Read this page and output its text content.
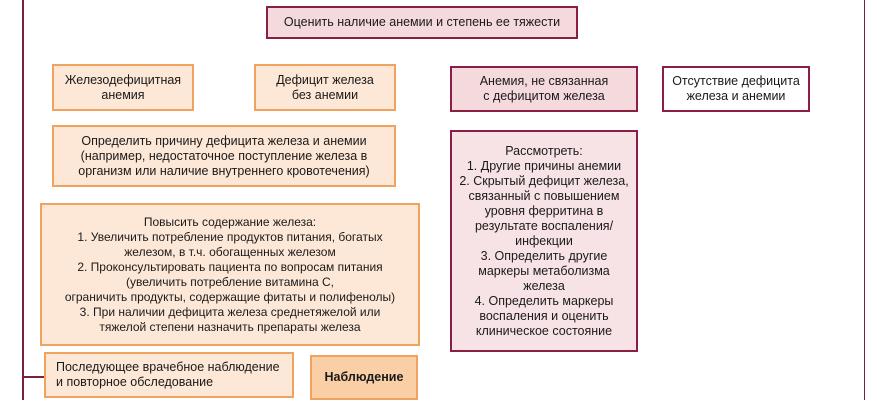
Оценить наличие анемии и степень ее тяжести
Железодефицитная
анемия
Дефицит железа
без анемии
Анемия, не связанная
с дефицитом железа
Отсутствие дефицита
железа и анемии
Определить причину дефицита железа и анемии
(например, недостаточное поступление железа в
организм или наличие внутреннего кровотечения)
Рассмотреть:
1. Другие причины анемии
2. Скрытый дефицит железа,
связанный с повышением
уровня ферритина в
результате воспаления/
инфекции
3. Определить другие
маркеры метаболизма
железа
4. Определить маркеры
воспаления и оценить
клиническое состояние
Повысить содержание железа:
1. Увеличить потребление продуктов питания, богатых
железом, в т.ч. обогащенных железом
2. Проконсультировать пациента по вопросам питания
(увеличить потребление витамина С,
ограничить продукты, содержащие фитаты и полифенолы)
3. При наличии дефицита железа среднетяжелой или
тяжелой степени назначить препараты железа
Последующее врачебное наблюдение
и повторное обследование	Наблюдение
